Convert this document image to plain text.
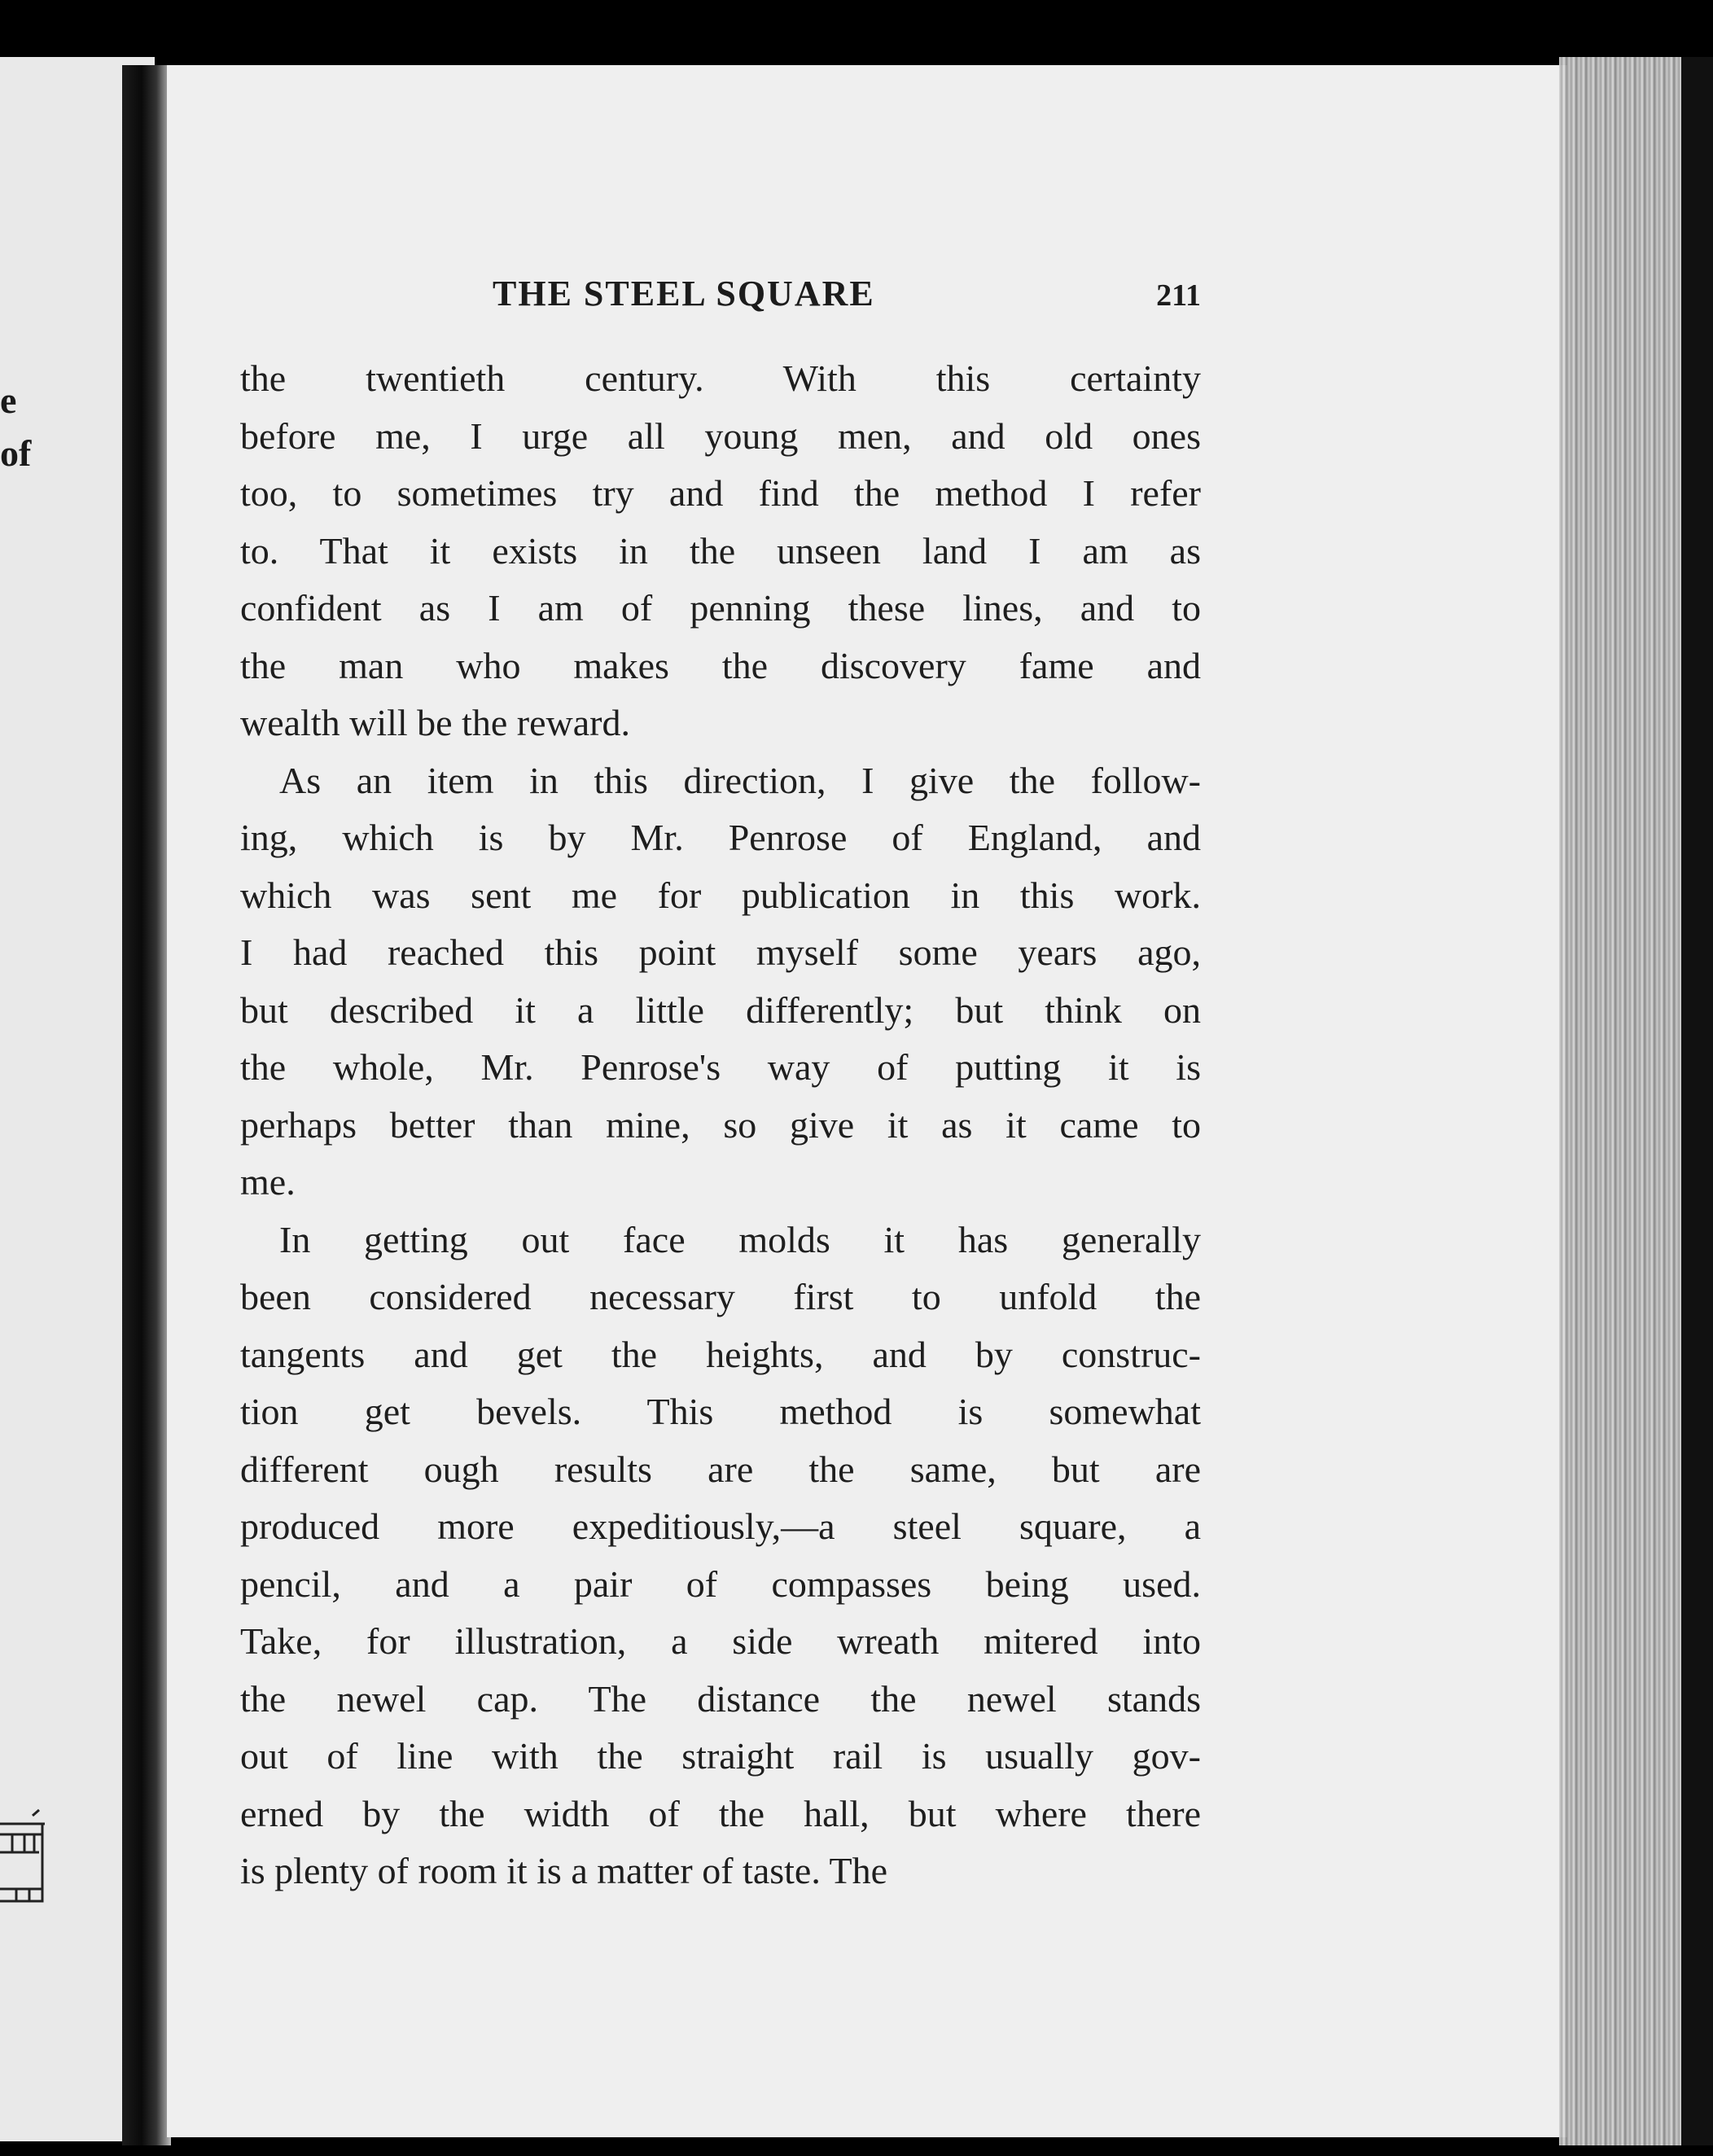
e
of
THE STEEL SQUARE	211
the twentieth century. With this certainty
before me, I urge all young men, and old ones
too, to sometimes try and find the method I refer
to. That it exists in the unseen land I am as
confident as I am of penning these lines, and to
the man who makes the discovery fame and
wealth will be the reward.
As an item in this direction, I give the follow-
ing, which is by Mr. Penrose of England, and
which was sent me for publication in this work.
I had reached this point myself some years ago,
but described it a little differently; but think on
the whole, Mr. Penrose's way of putting it is
perhaps better than mine, so give it as it came to
me.
In getting out face molds it has generally
been considered necessary first to unfold the
tangents and get the heights, and by construc-
tion get bevels. This method is somewhat
different ough results are the same, but are
produced more expeditiously,—a steel square, a
pencil, and a pair of compasses being used.
Take, for illustration, a side wreath mitered into
the newel cap. The distance the newel stands
out of line with the straight rail is usually gov-
erned by the width of the hall, but where there
is plenty of room it is a matter of taste. The
